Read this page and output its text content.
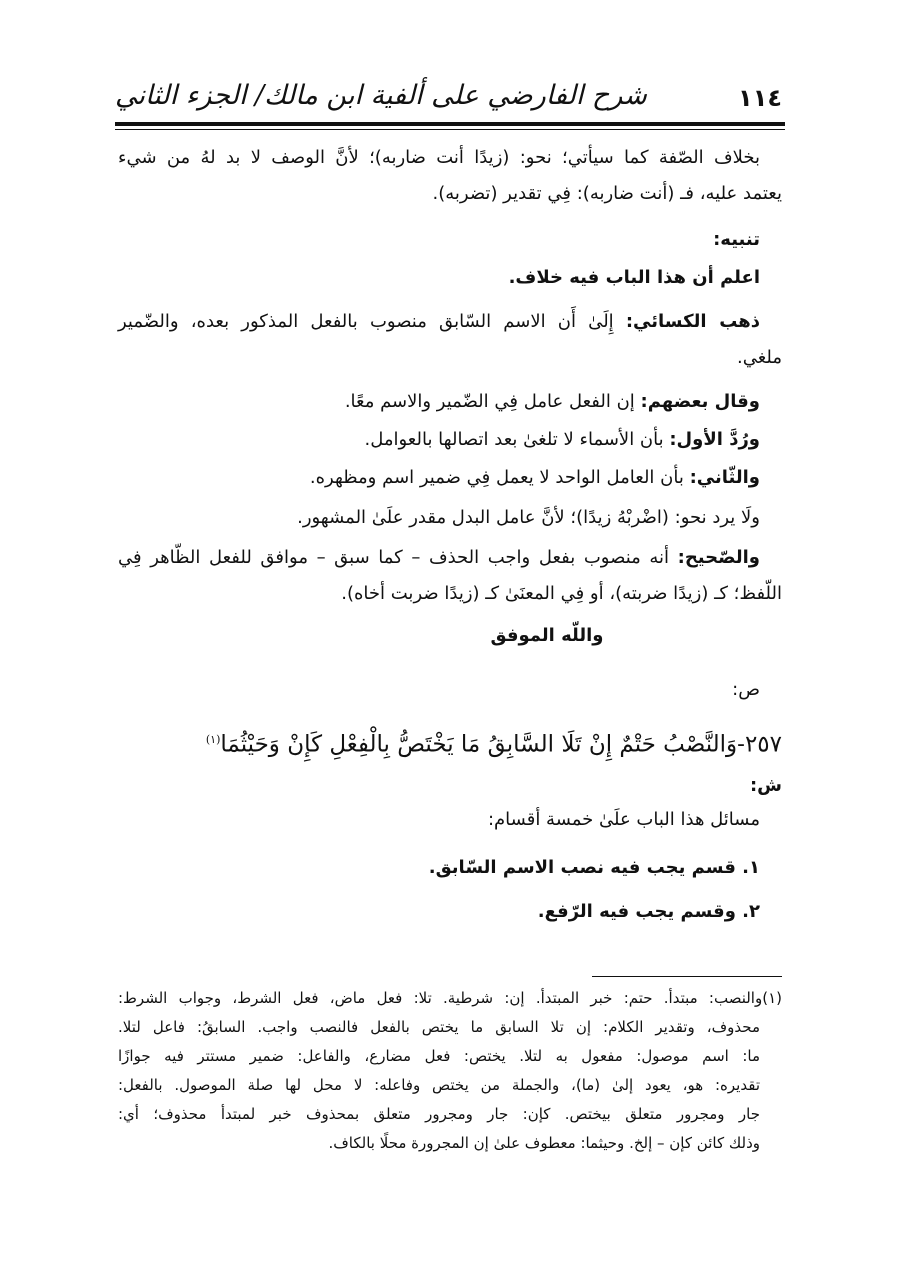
١١٤
شرح الفارضي على ألفية ابن مالك/ الجزء الثاني
بخلاف الصّفة كما سيأتي؛ نحو: (زيدًا أنت ضاربه)؛ لأنَّ الوصف لا بد لهُ من شيء
يعتمد عليه، فـ (أنت ضاربه): فِي تقدير (تضربه).
تنبيه:
اعلم أن هذا الباب فيه خلاف.
ذهب الكسائي: إِلَىٰ أَن الاسم السّابق منصوب بالفعل المذكور بعده، والضّمير
ملغي.
وقال بعضهم: إن الفعل عامل فِي الضّمير والاسم معًا.
ورُدَّ الأول: بأن الأسماء لا تلغىٰ بعد اتصالها بالعوامل.
والثّاني: بأن العامل الواحد لا يعمل فِي ضمير اسم ومظهره.
ولَا يرد نحو: (اضْربْهُ زيدًا)؛ لأنَّ عامل البدل مقدر علَىٰ المشهور.
والصّحيح: أنه منصوب بفعل واجب الحذف – كما سبق – موافق للفعل الظّاهر فِي
اللّفظ؛ كـ (زيدًا ضربته)، أو فِي المعنَىٰ كـ (زيدًا ضربت أخاه).
واللّه الموفق
ص:
٢٥٧-وَالنَّصْبُ حَتْمٌ إِنْ تَلَا السَّابِقُ مَا يَخْتَصُّ بِالْفِعْلِ كَإِنْ وَحَيْثُمَا$^{(١)}$
ش:
مسائل هذا الباب علَىٰ خمسة أقسام:
١. قسم يجب فيه نصب الاسم السّابق.
٢. وقسم يجب فيه الرّفع.
(١)والنصب: مبتدأ. حتم: خبر المبتدأ. إن: شرطية. تلا: فعل ماض، فعل الشرط، وجواب الشرط:
محذوف، وتقدير الكلام: إن تلا السابق ما يختص بالفعل فالنصب واجب. السابقُ: فاعل لتلا.
ما: اسم موصول: مفعول به لتلا. يختص: فعل مضارع، والفاعل: ضمير مستتر فيه جوازًا
تقديره: هو، يعود إلىٰ (ما)، والجملة من يختص وفاعله: لا محل لها صلة الموصول. بالفعل:
جار ومجرور متعلق بيختص. كإن: جار ومجرور متعلق بمحذوف خبر لمبتدأ محذوف؛ أي:
وذلك كائن كإن – إلخ. وحيثما: معطوف علىٰ إن المجرورة محلًا بالكاف.
